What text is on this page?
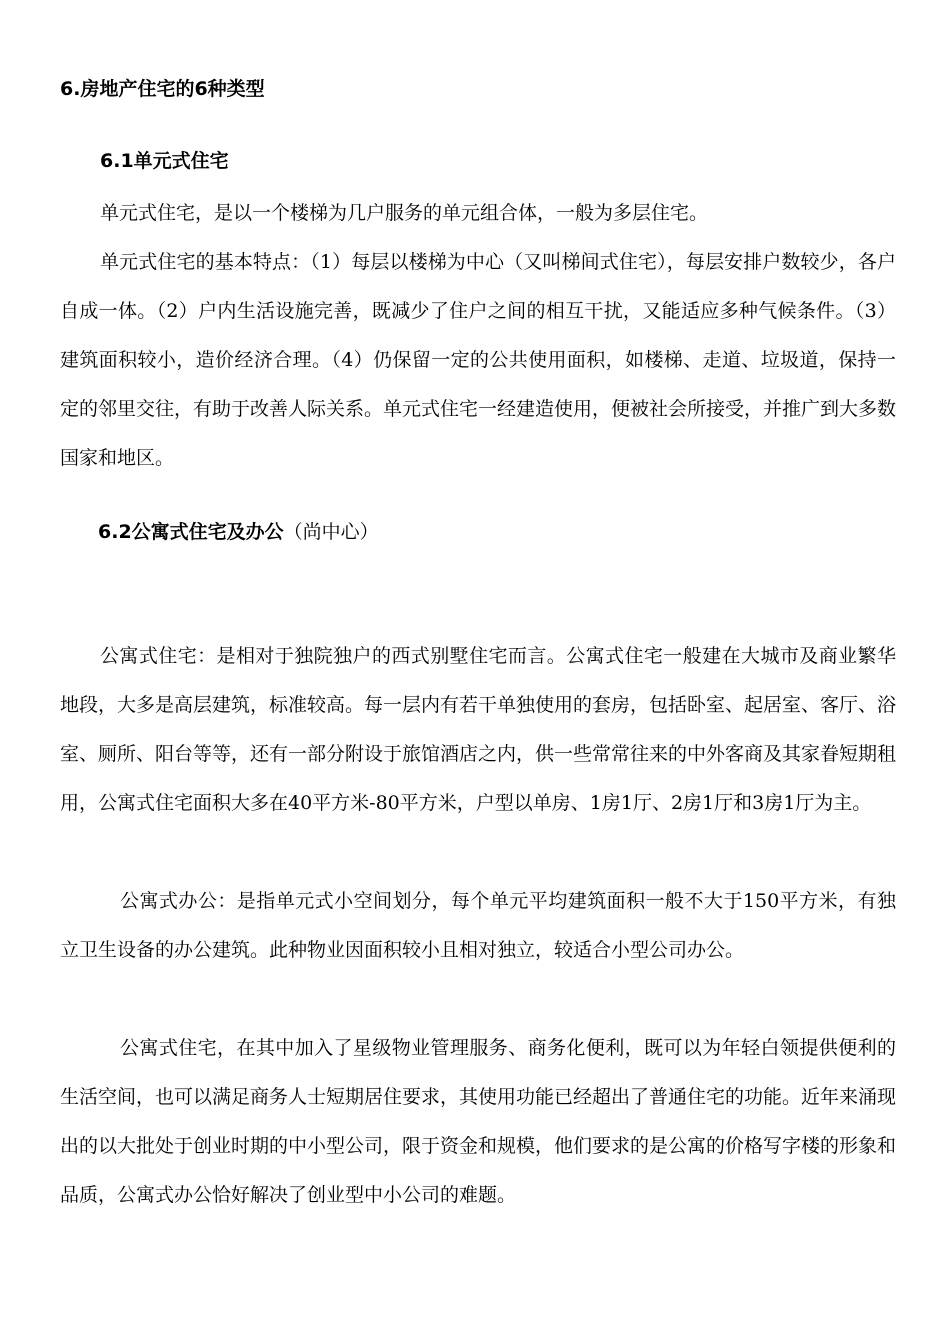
6.房地产住宅的6种类型
6.1单元式住宅

单元式住宅，是以一个楼梯为几户服务的单元组合体，一般为多层住宅。

单元式住宅的基本特点：（1）每层以楼梯为中心（又叫梯间式住宅），每层安排户数较少，各户自成一体。（2）户内生活设施完善，既减少了住户之间的相互干扰，又能适应多种气候条件。（3）建筑面积较小，造价经济合理。（4）仍保留一定的公共使用面积，如楼梯、走道、垃圾道，保持一定的邻里交往，有助于改善人际关系。单元式住宅一经建造使用，便被社会所接受，并推广到大多数国家和地区。

6.2公寓式住宅及办公（尚中心）

公寓式住宅：是相对于独院独户的西式别墅住宅而言。公寓式住宅一般建在大城市及商业繁华地段，大多是高层建筑，标准较高。每一层内有若干单独使用的套房，包括卧室、起居室、客厅、浴室、厕所、阳台等等，还有一部分附设于旅馆酒店之内，供一些常常往来的中外客商及其家眷短期租用，公寓式住宅面积大多在40平方米-80平方米，户型以单房、1房1厅、2房1厅和3房1厅为主。

公寓式办公：是指单元式小空间划分，每个单元平均建筑面积一般不大于150平方米，有独立卫生设备的办公建筑。此种物业因面积较小且相对独立，较适合小型公司办公。

公寓式住宅，在其中加入了星级物业管理服务、商务化便利，既可以为年轻白领提供便利的生活空间，也可以满足商务人士短期居住要求，其使用功能已经超出了普通住宅的功能。近年来涌现出的以大批处于创业时期的中小型公司，限于资金和规模，他们要求的是公寓的价格写字楼的形象和品质，公寓式办公恰好解决了创业型中小公司的难题。
